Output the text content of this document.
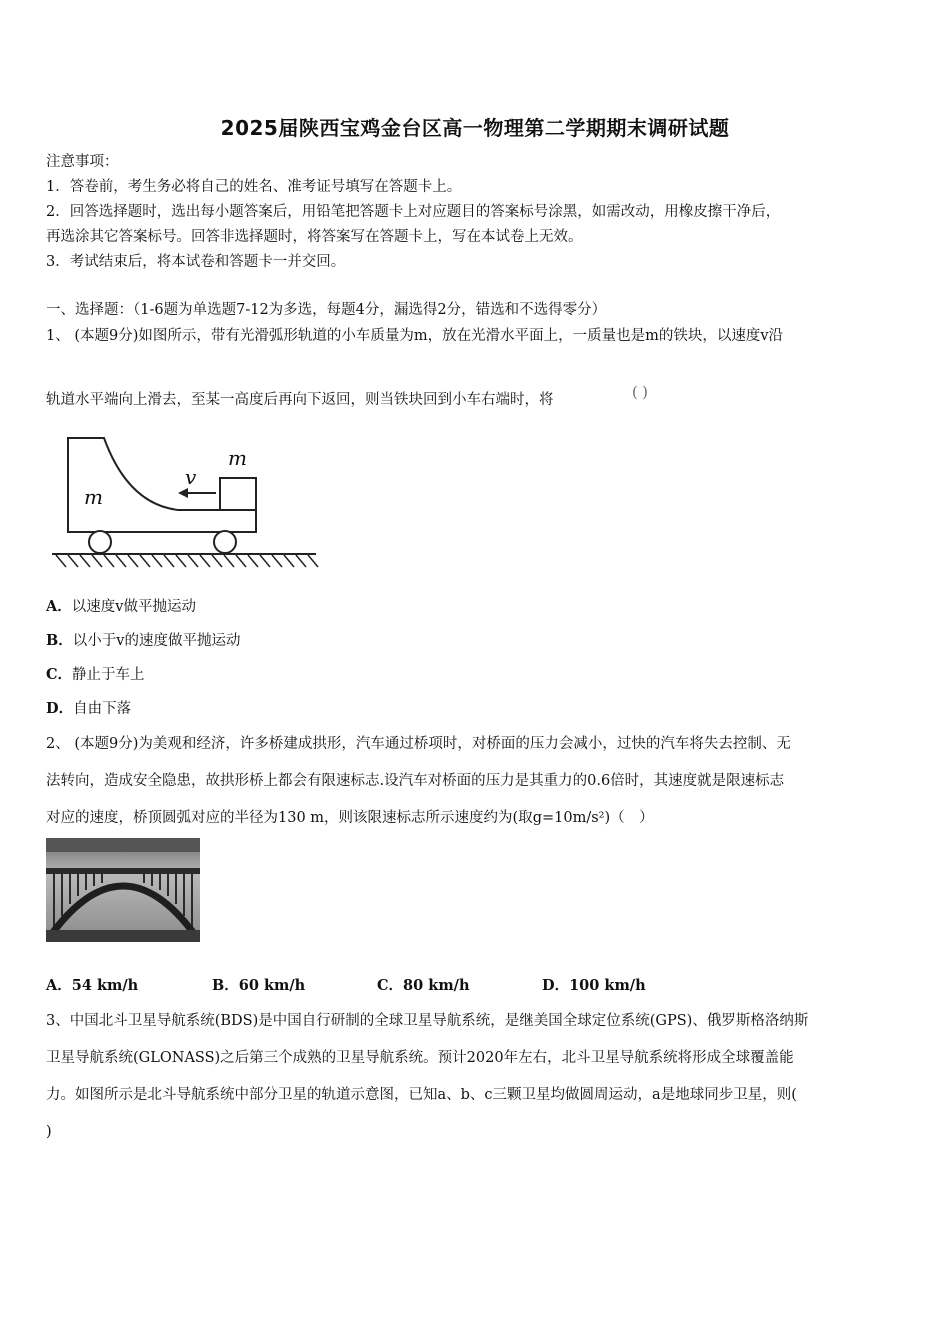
2025届陕西宝鸡金台区高一物理第二学期期末调研试题
注意事项：
1．答卷前，考生务必将自己的姓名、准考证号填写在答题卡上。
2．回答选择题时，选出每小题答案后，用铅笔把答题卡上对应题目的答案标号涂黑，如需改动，用橡皮擦干净后，
再选涂其它答案标号。回答非选择题时，将答案写在答题卡上，写在本试卷上无效。
3．考试结束后，将本试卷和答题卡一并交回。
一、选择题：（1-6题为单选题7-12为多选，每题4分，漏选得2分，错选和不选得零分）
1、 (本题9分)如图所示，带有光滑弧形轨道的小车质量为m，放在光滑水平面上，一质量也是m的铁块，以速度v沿
轨道水平端向上滑去，至某一高度后再向下返回，则当铁块回到小车右端时，将	( )
m
v
m
A．以速度v做平抛运动
B．以小于v的速度做平抛运动
C．静止于车上
D．自由下落
2、 (本题9分)为美观和经济，许多桥建成拱形，汽车通过桥项时，对桥面的压力会减小，过快的汽车将失去控制、无
法转向，造成安全隐患，故拱形桥上都会有限速标志.设汽车对桥面的压力是其重力的0.6倍时，其速度就是限速标志
对应的速度，桥顶圆弧对应的半径为130 m，则该限速标志所示速度约为(取g=10m/s²)（　）
A．54 km/h	B．60 km/h	C．80 km/h	D．100 km/h
3、中国北斗卫星导航系统(BDS)是中国自行研制的全球卫星导航系统，是继美国全球定位系统(GPS)、俄罗斯格洛纳斯
卫星导航系统(GLONASS)之后第三个成熟的卫星导航系统。预计2020年左右，北斗卫星导航系统将形成全球覆盖能
力。如图所示是北斗导航系统中部分卫星的轨道示意图，已知a、b、c三颗卫星均做圆周运动，a是地球同步卫星，则(
)
